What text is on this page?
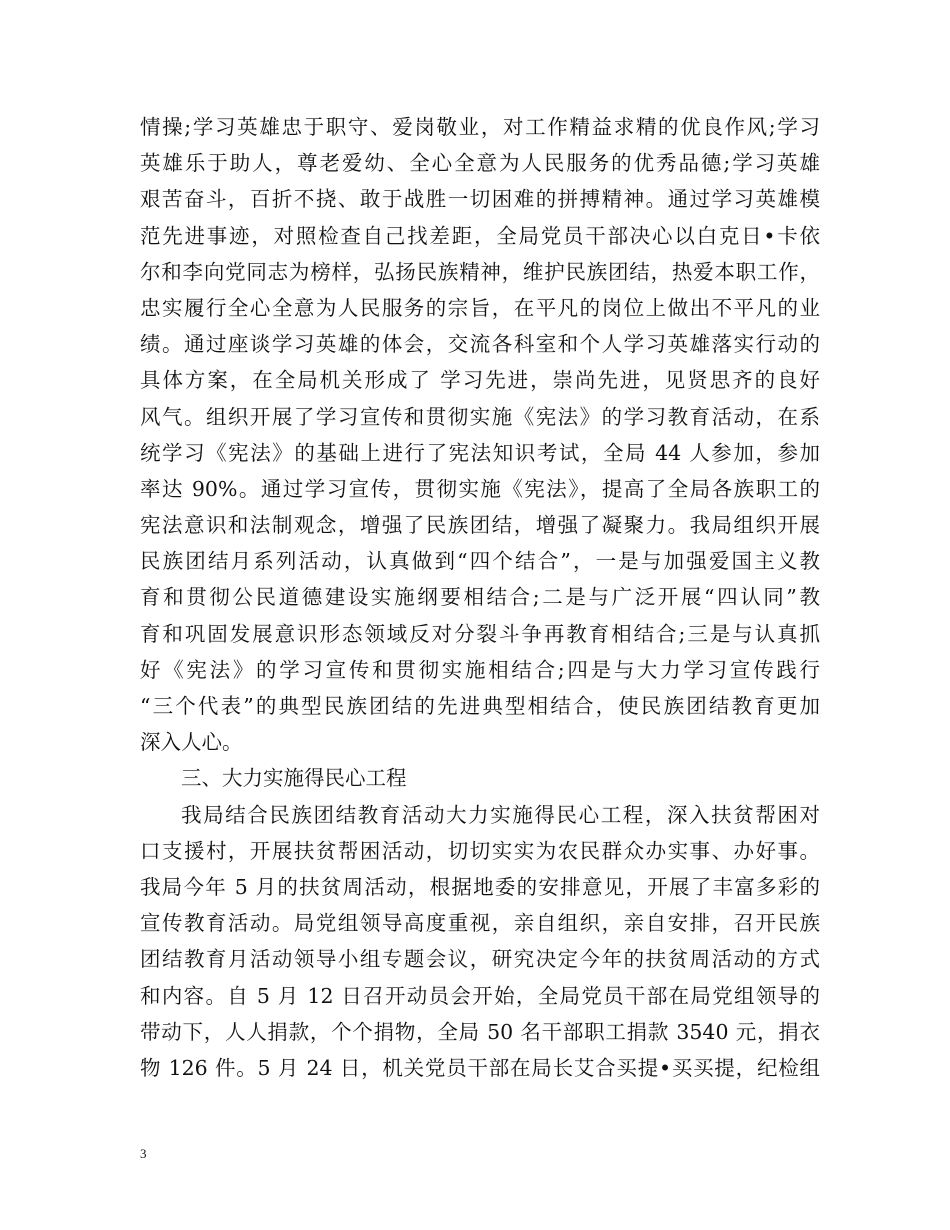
情操;学习英雄忠于职守、爱岗敬业，对工作精益求精的优良作风;学习
英雄乐于助人，尊老爱幼、全心全意为人民服务的优秀品德;学习英雄
艰苦奋斗，百折不挠、敢于战胜一切困难的拼搏精神。通过学习英雄模
范先进事迹，对照检查自己找差距，全局党员干部决心以白克日•卡依
尔和李向党同志为榜样，弘扬民族精神，维护民族团结，热爱本职工作，
忠实履行全心全意为人民服务的宗旨，在平凡的岗位上做出不平凡的业
绩。通过座谈学习英雄的体会，交流各科室和个人学习英雄落实行动的
具体方案，在全局机关形成了 学习先进，崇尚先进，见贤思齐的良好
风气。组织开展了学习宣传和贯彻实施《宪法》的学习教育活动，在系
统学习《宪法》的基础上进行了宪法知识考试，全局 44 人参加，参加
率达 90%。通过学习宣传，贯彻实施《宪法》，提高了全局各族职工的
宪法意识和法制观念，增强了民族团结，增强了凝聚力。我局组织开展
民族团结月系列活动，认真做到“四个结合”，一是与加强爱国主义教
育和贯彻公民道德建设实施纲要相结合;二是与广泛开展“四认同”教
育和巩固发展意识形态领域反对分裂斗争再教育相结合;三是与认真抓
好《宪法》的学习宣传和贯彻实施相结合;四是与大力学习宣传践行
“三个代表”的典型民族团结的先进典型相结合，使民族团结教育更加
深入人心。
三、大力实施得民心工程
我局结合民族团结教育活动大力实施得民心工程，深入扶贫帮困对
口支援村，开展扶贫帮困活动，切切实实为农民群众办实事、办好事。
我局今年 5 月的扶贫周活动，根据地委的安排意见，开展了丰富多彩的
宣传教育活动。局党组领导高度重视，亲自组织，亲自安排，召开民族
团结教育月活动领导小组专题会议，研究决定今年的扶贫周活动的方式
和内容。自 5 月 12 日召开动员会开始，全局党员干部在局党组领导的
带动下，人人捐款，个个捐物，全局 50 名干部职工捐款 3540 元，捐衣
物 126 件。5 月 24 日，机关党员干部在局长艾合买提•买买提，纪检组
3
